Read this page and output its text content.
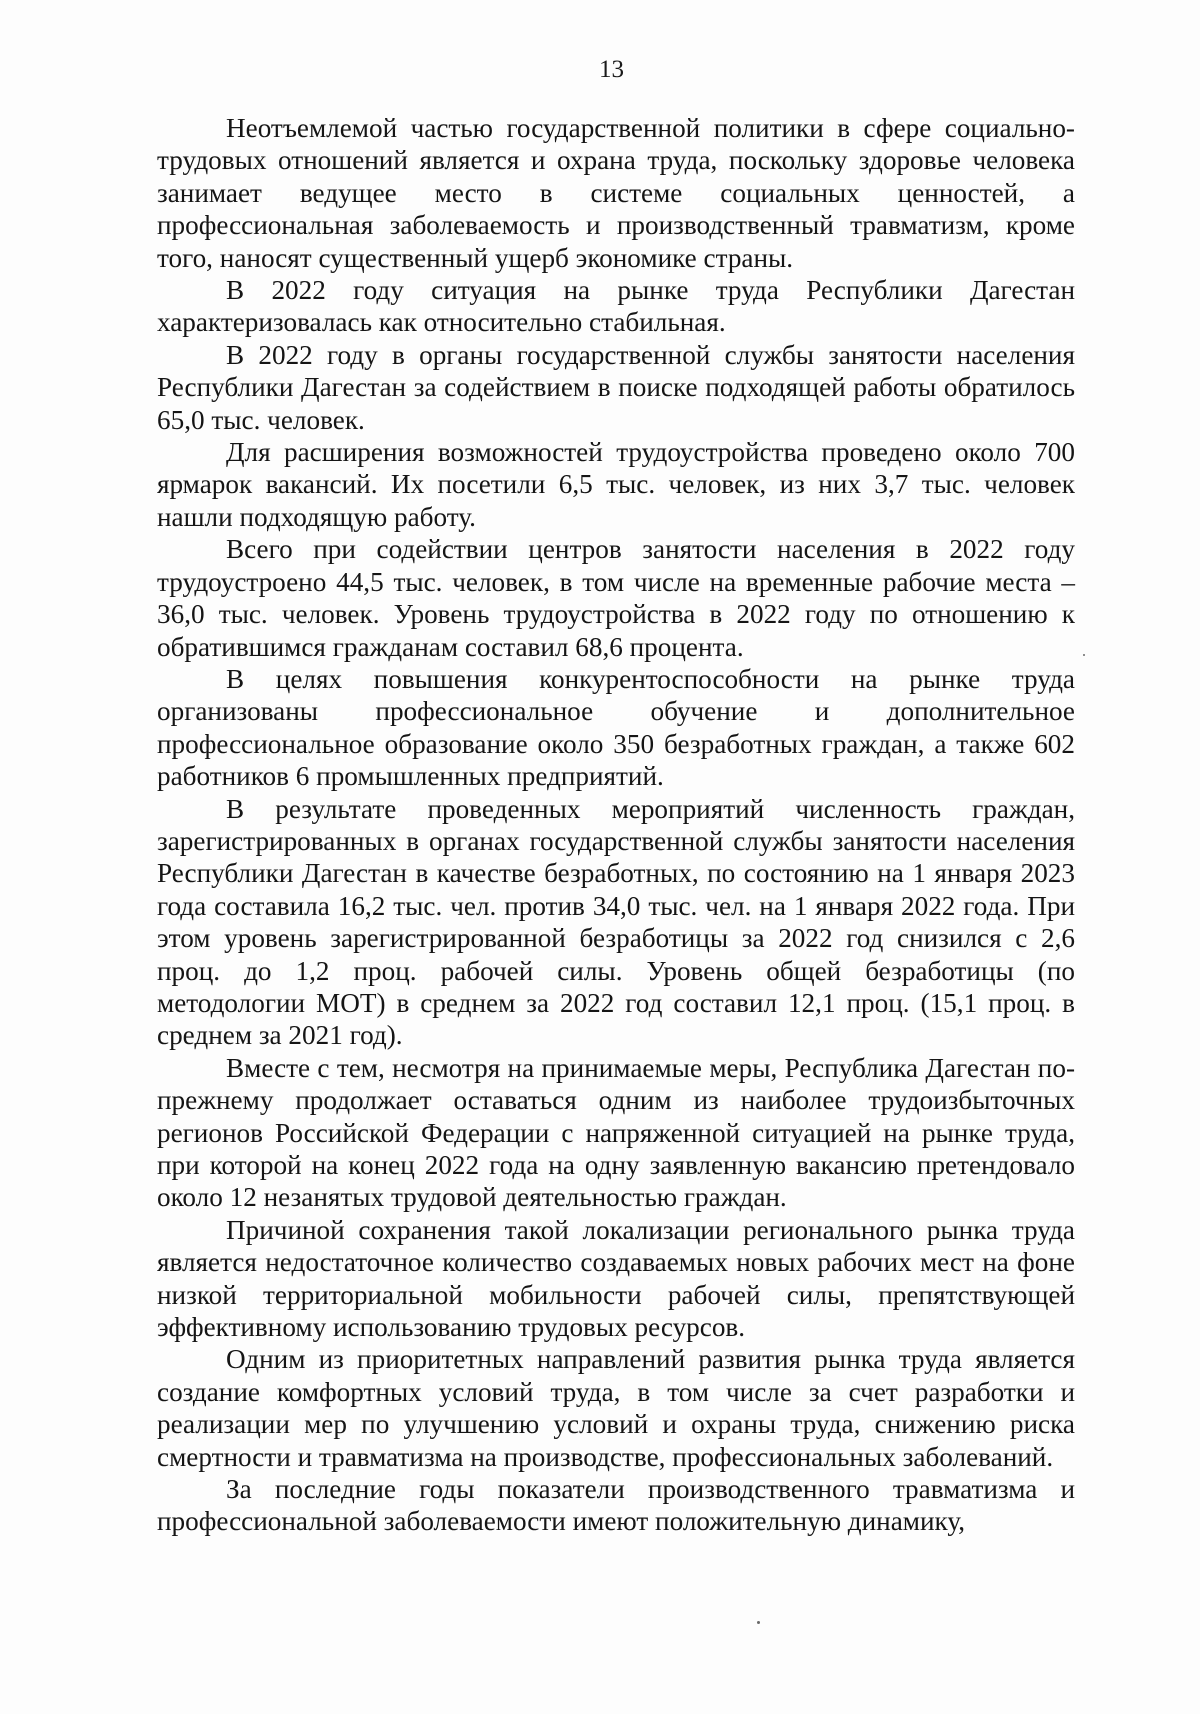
13

Неотъемлемой частью государственной политики в сфере социально-трудовых отношений является и охрана труда, поскольку здоровье человека занимает ведущее место в системе социальных ценностей, а профессиональная заболеваемость и производственный травматизм, кроме того, наносят существенный ущерб экономике страны.

В 2022 году ситуация на рынке труда Республики Дагестан характеризовалась как относительно стабильная.

В 2022 году в органы государственной службы занятости населения Республики Дагестан за содействием в поиске подходящей работы обратилось 65,0 тыс. человек.

Для расширения возможностей трудоустройства проведено около 700 ярмарок вакансий. Их посетили 6,5 тыс. человек, из них 3,7 тыс. человек нашли подходящую работу.

Всего при содействии центров занятости населения в 2022 году трудоустроено 44,5 тыс. человек, в том числе на временные рабочие места – 36,0 тыс. человек. Уровень трудоустройства в 2022 году по отношению к обратившимся гражданам составил 68,6 процента.

В целях повышения конкурентоспособности на рынке труда организованы профессиональное обучение и дополнительное профессиональное образование около 350 безработных граждан, а также 602 работников 6 промышленных предприятий.

В результате проведенных мероприятий численность граждан, зарегистрированных в органах государственной службы занятости населения Республики Дагестан в качестве безработных, по состоянию на 1 января 2023 года составила 16,2 тыс. чел. против 34,0 тыс. чел. на 1 января 2022 года. При этом уровень зарегистрированной безработицы за 2022 год снизился с 2,6 проц. до 1,2 проц. рабочей силы. Уровень общей безработицы (по методологии МОТ) в среднем за 2022 год составил 12,1 проц. (15,1 проц. в среднем за 2021 год).

Вместе с тем, несмотря на принимаемые меры, Республика Дагестан по-прежнему продолжает оставаться одним из наиболее трудоизбыточных регионов Российской Федерации с напряженной ситуацией на рынке труда, при которой на конец 2022 года на одну заявленную вакансию претендовало около 12 незанятых трудовой деятельностью граждан.

Причиной сохранения такой локализации регионального рынка труда является недостаточное количество создаваемых новых рабочих мест на фоне низкой территориальной мобильности рабочей силы, препятствующей эффективному использованию трудовых ресурсов.

Одним из приоритетных направлений развития рынка труда является создание комфортных условий труда, в том числе за счет разработки и реализации мер по улучшению условий и охраны труда, снижению риска смертности и травматизма на производстве, профессиональных заболеваний.

За последние годы показатели производственного травматизма и профессиональной заболеваемости имеют положительную динамику,
